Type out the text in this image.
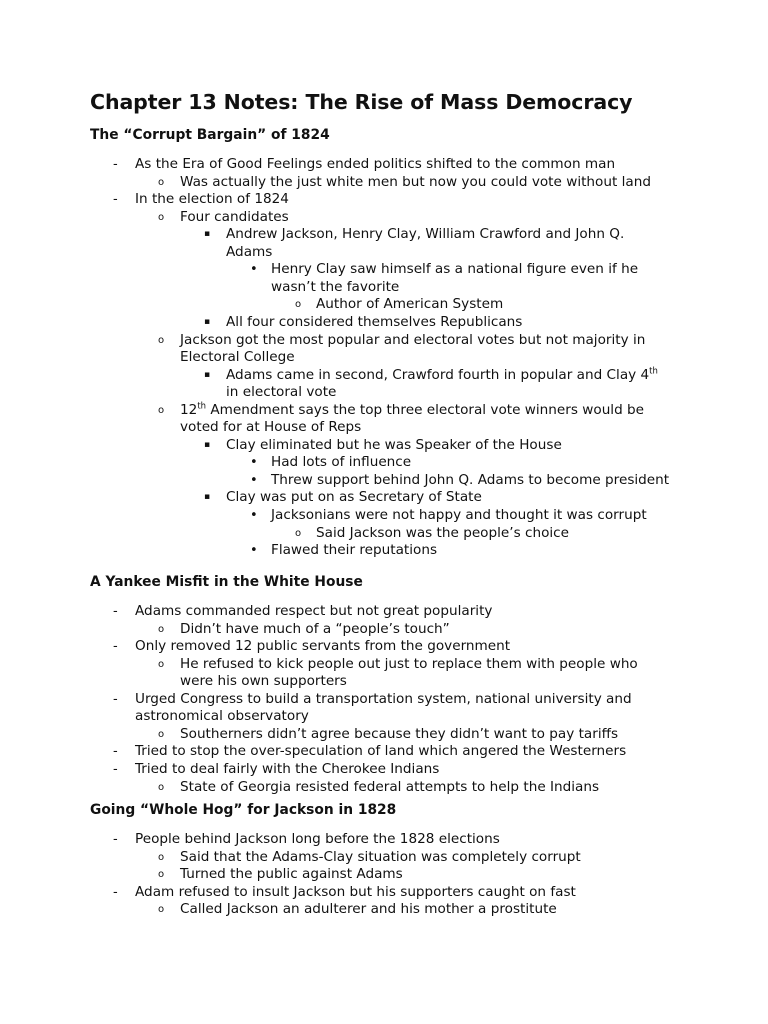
Chapter 13 Notes: The Rise of Mass Democracy
The “Corrupt Bargain” of 1824
- As the Era of Good Feelings ended politics shifted to the common man
o Was actually the just white men but now you could vote without land
- In the election of 1824
o Four candidates
▪ Andrew Jackson, Henry Clay, William Crawford and John Q.
Adams
• Henry Clay saw himself as a national figure even if he
wasn’t the favorite
o Author of American System
▪ All four considered themselves Republicans
o Jackson got the most popular and electoral votes but not majority in
Electoral College
▪ Adams came in second, Crawford fourth in popular and Clay 4th
in electoral vote
o 12th Amendment says the top three electoral vote winners would be
voted for at House of Reps
▪ Clay eliminated but he was Speaker of the House
• Had lots of influence
• Threw support behind John Q. Adams to become president
▪ Clay was put on as Secretary of State
• Jacksonians were not happy and thought it was corrupt
o Said Jackson was the people’s choice
• Flawed their reputations
A Yankee Misfit in the White House
- Adams commanded respect but not great popularity
o Didn’t have much of a “people’s touch”
- Only removed 12 public servants from the government
o He refused to kick people out just to replace them with people who
were his own supporters
- Urged Congress to build a transportation system, national university and
astronomical observatory
o Southerners didn’t agree because they didn’t want to pay tariffs
- Tried to stop the over-speculation of land which angered the Westerners
- Tried to deal fairly with the Cherokee Indians
o State of Georgia resisted federal attempts to help the Indians
Going “Whole Hog” for Jackson in 1828
- People behind Jackson long before the 1828 elections
o Said that the Adams-Clay situation was completely corrupt
o Turned the public against Adams
- Adam refused to insult Jackson but his supporters caught on fast
o Called Jackson an adulterer and his mother a prostitute
